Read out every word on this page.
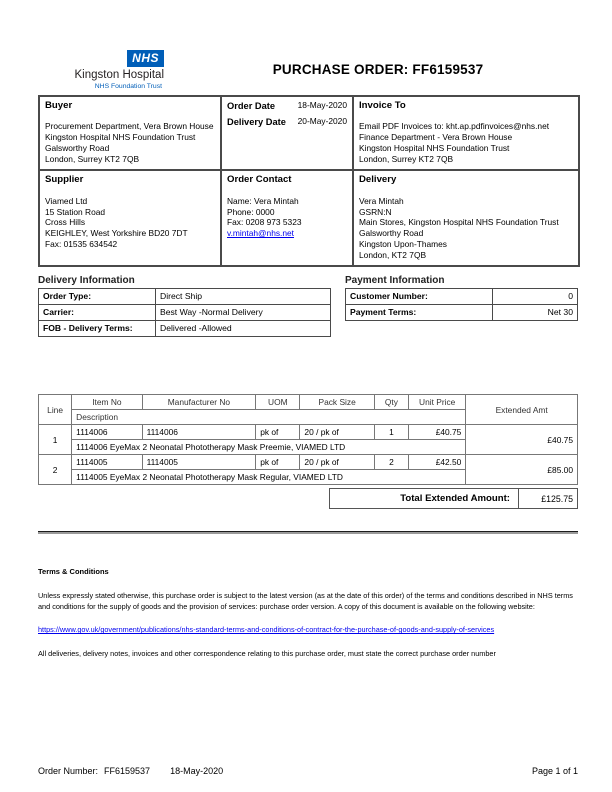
NHS
Kingston Hospital
NHS Foundation Trust
PURCHASE ORDER: FF6159537
Buyer
Procurement Department, Vera Brown House
Kingston Hospital NHS Foundation Trust
Galsworthy Road
London, Surrey KT2 7QB

Order Date	18-May-2020
Delivery Date 20-May-2020

Invoice To
Email PDF Invoices to: kht.ap.pdfinvoices@nhs.net
Finance Department - Vera Brown House
Kingston Hospital NHS Foundation Trust
London, Surrey KT2 7QB

Supplier
Viamed Ltd
15 Station Road
Cross Hills
KEIGHLEY, West Yorkshire BD20 7DT
Fax: 01535 634542

Order Contact
Name: Vera Mintah
Phone: 0000
Fax: 0208 973 5323
v.mintah@nhs.net

Delivery
Vera Mintah
GSRN:N
Main Stores, Kingston Hospital NHS Foundation Trust
Galsworthy Road
Kingston Upon-Thames
London, KT2 7QB
Delivery Information
Order Type:	Direct Ship
Carrier:	Best Way -Normal Delivery
FOB - Delivery Terms:	Delivered -Allowed
Payment Information
Customer Number:	0
Payment Terms:	Net 30
Line	Item No	Manufacturer No	UOM	Pack Size	Qty	Unit Price	Extended Amt
	Description						
1	1114006	1114006	pk of	20 / pk of	1	£40.75	£40.75
	1114006 EyeMax 2 Neonatal Phototherapy Mask Preemie, VIAMED LTD						
2	1114005	1114005	pk of	20 / pk of	2	£42.50	£85.00
	1114005 EyeMax 2 Neonatal Phototherapy Mask Regular, VIAMED LTD						
Total Extended Amount:	£125.75
Terms & Conditions
Unless expressly stated otherwise, this purchase order is subject to the latest version (as at the date of this order) of the terms and conditions described in NHS terms and conditions for the supply of goods and the provision of services: purchase order version. A copy of this document is available on the following website:
https://www.gov.uk/government/publications/nhs-standard-terms-and-conditions-of-contract-for-the-purchase-of-goods-and-supply-of-services
All deliveries, delivery notes, invoices and other correspondence relating to this purchase order, must state the correct purchase order number
Order Number: FF6159537 18-May-2020	Page 1 of 1
